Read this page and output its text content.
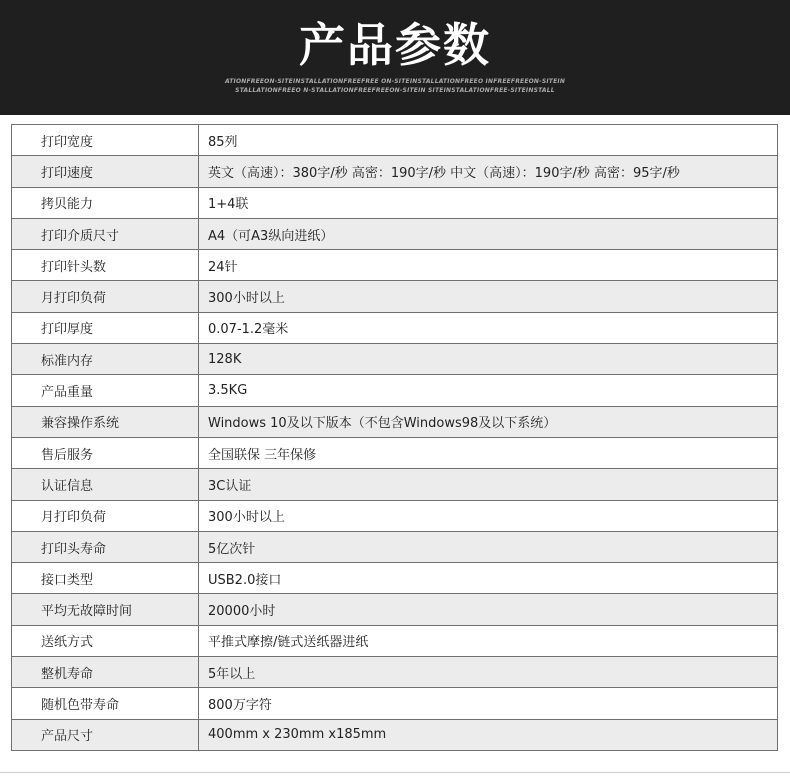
产品参数
ATIONFREEON-SITEINSTALLATIONFREEFREE ON-SITEINSTALLATIONFREEO INFREEFREEON-SITEIN
STALLATIONFREEO N-STALLATIONFREEFREEON-SITEIN SITEINSTALATIONFREE-SITEINSTALL
打印宽度	85列
打印速度	英文（高速）：380字/秒 高密：190字/秒 中文（高速）：190字/秒 高密：95字/秒
拷贝能力	1+4联
打印介质尺寸	A4（可A3纵向进纸）
打印针头数	24针
月打印负荷	300小时以上
打印厚度	0.07-1.2毫米
标准内存	128K
产品重量	3.5KG
兼容操作系统	Windows 10及以下版本（不包含Windows98及以下系统）
售后服务	全国联保 三年保修
认证信息	3C认证
月打印负荷	300小时以上
打印头寿命	5亿次针
接口类型	USB2.0接口
平均无故障时间	20000小时
送纸方式	平推式摩擦/链式送纸器进纸
整机寿命	5年以上
随机色带寿命	800万字符
产品尺寸	400mm x 230mm x185mm
